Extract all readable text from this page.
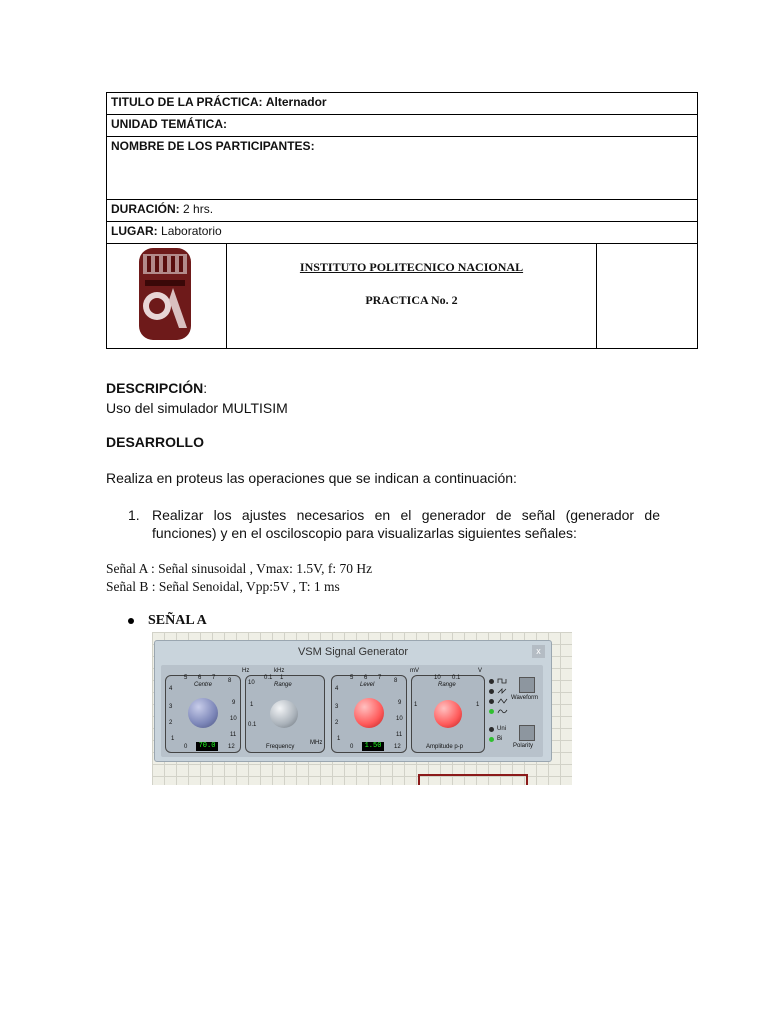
TITULO DE LA PRÁCTICA: Alternador
UNIDAD TEMÁTICA:
NOMBRE DE LOS PARTICIPANTES:
DURACIÓN: 2 hrs.
LUGAR: Laboratorio

INSTITUTO POLITECNICO NACIONAL
PRACTICA No. 2

DESCRIPCIÓN:
Uso del simulador MULTISIM
DESARROLLO
Realiza en proteus las operaciones que se indican a continuación:
1. Realizar los ajustes necesarios en el generador de señal (generador de funciones) y en el osciloscopio para visualizarlas siguientes señales:
Señal A : Señal sinusoidal , Vmax: 1.5V, f: 70 Hz
Señal B : Señal Senoidal, Vpp:5V , T: 1 ms
SEÑAL A
VSM Signal Generator	x
Centre
5 6 7 8
4
9
3
10
2
11
1
12
0	70.0
Range
Hz	kHz
MHz
0.1 1
10
1
0.1
Frequency
Level
5 6 7 8
4
9
3
10
2
11
1
12
0	1.50
Range
mV	V
10 0.1
1	1
Amplitude p-p
Waveform
Uni
Bi
Polarity
